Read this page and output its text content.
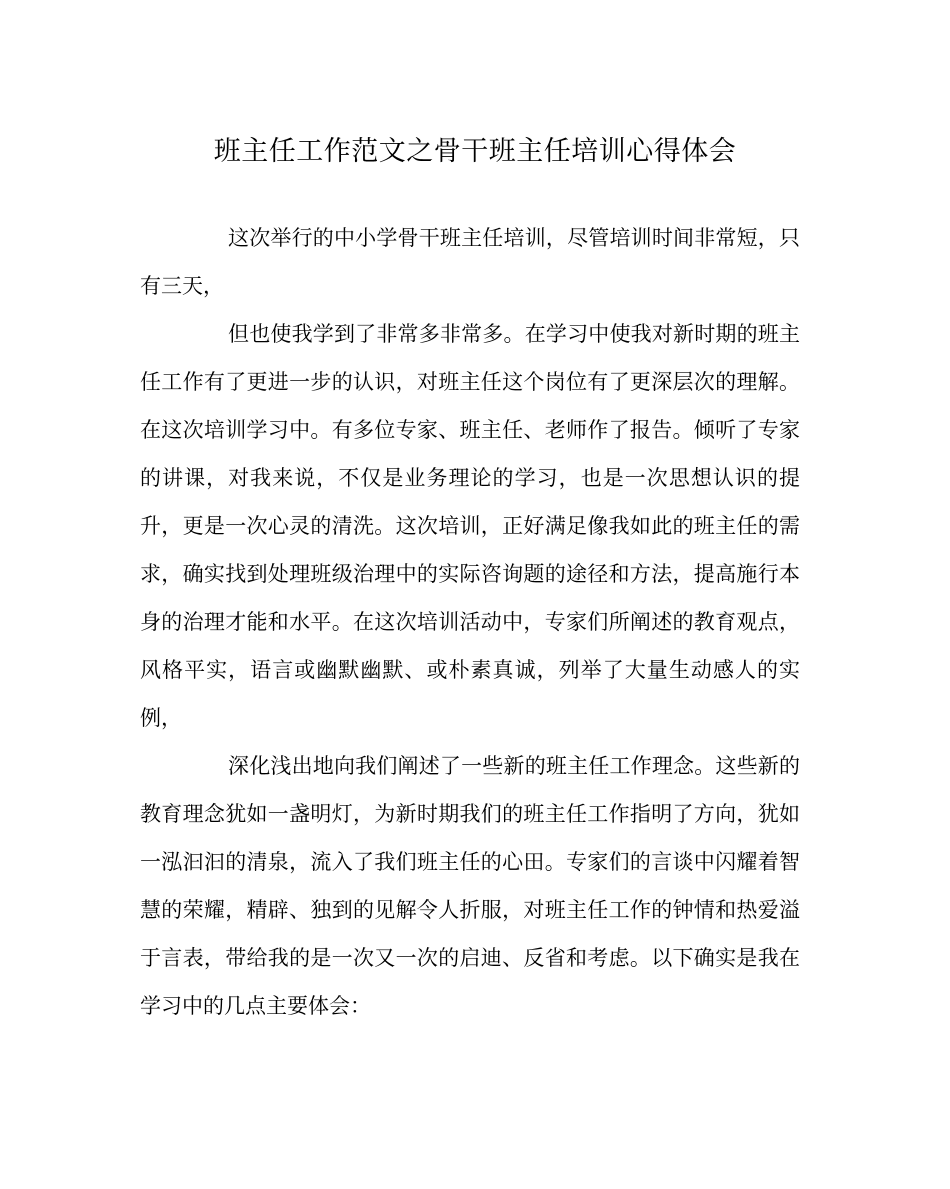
班主任工作范文之骨干班主任培训心得体会

这次举行的中小学骨干班主任培训，尽管培训时间非常短，只有三天，

但也使我学到了非常多非常多。在学习中使我对新时期的班主任工作有了更进一步的认识，对班主任这个岗位有了更深层次的理解。在这次培训学习中。有多位专家、班主任、老师作了报告。倾听了专家的讲课，对我来说，不仅是业务理论的学习，也是一次思想认识的提升，更是一次心灵的清洗。这次培训，正好满足像我如此的班主任的需求，确实找到处理班级治理中的实际咨询题的途径和方法，提高施行本身的治理才能和水平。在这次培训活动中，专家们所阐述的教育观点，风格平实，语言或幽默幽默、或朴素真诚，列举了大量生动感人的实例，

深化浅出地向我们阐述了一些新的班主任工作理念。这些新的教育理念犹如一盏明灯，为新时期我们的班主任工作指明了方向，犹如一泓汩汩的清泉，流入了我们班主任的心田。专家们的言谈中闪耀着智慧的荣耀，精辟、独到的见解令人折服，对班主任工作的钟情和热爱溢于言表，带给我的是一次又一次的启迪、反省和考虑。以下确实是我在学习中的几点主要体会：
